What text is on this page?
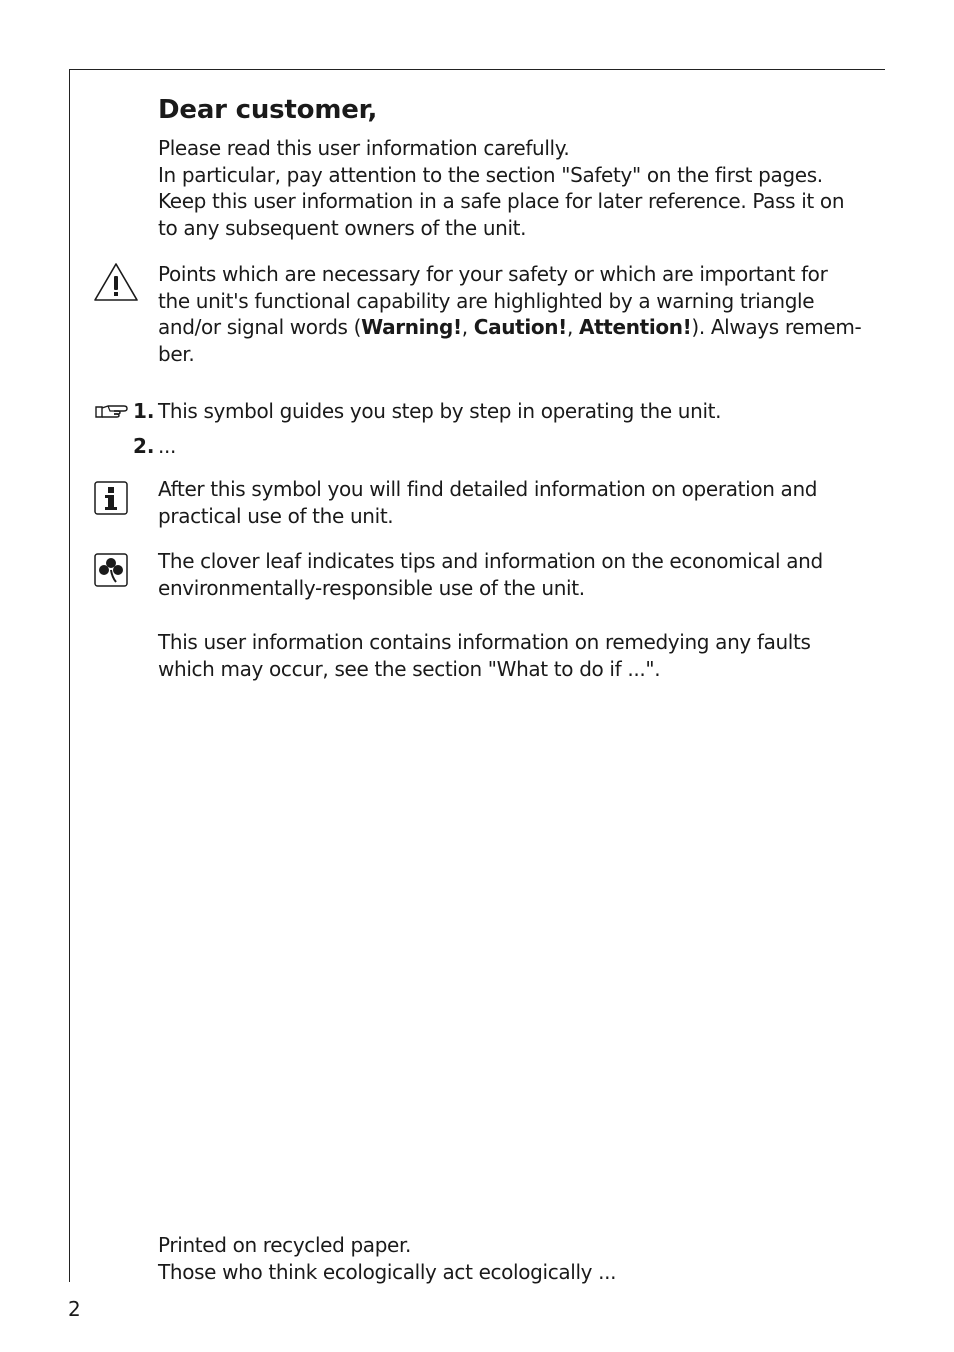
Dear customer,

Please read this user information carefully.
In particular, pay attention to the section "Safety" on the first pages.
Keep this user information in a safe place for later reference. Pass it on
to any subsequent owners of the unit.

Points which are necessary for your safety or which are important for
the unit's functional capability are highlighted by a warning triangle
and/or signal words (Warning!, Caution!, Attention!). Always remem-
ber.

1. This symbol guides you step by step in operating the unit.
2. ...

After this symbol you will find detailed information on operation and
practical use of the unit.

The clover leaf indicates tips and information on the economical and
environmentally-responsible use of the unit.

This user information contains information on remedying any faults
which may occur, see the section "What to do if ...".

Printed on recycled paper.
Those who think ecologically act ecologically ...

2
